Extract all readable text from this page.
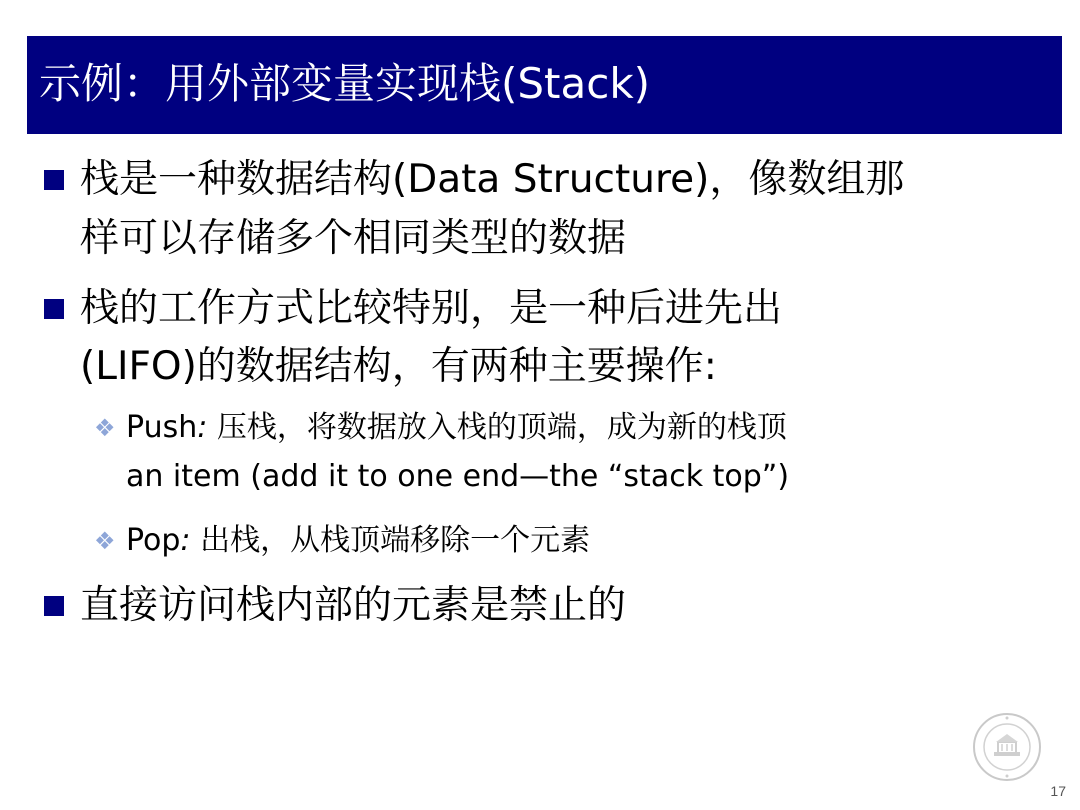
示例：用外部变量实现栈(Stack)
栈是一种数据结构(Data Structure)，像数组那
样可以存储多个相同类型的数据
栈的工作方式比较特别，是一种后进先出
(LIFO)的数据结构，有两种主要操作:
❖ Push: 压栈，将数据放入栈的顶端，成为新的栈顶
an item (add it to one end—the “stack top”)
❖ Pop: 出栈，从栈顶端移除一个元素
直接访问栈内部的元素是禁止的
17
